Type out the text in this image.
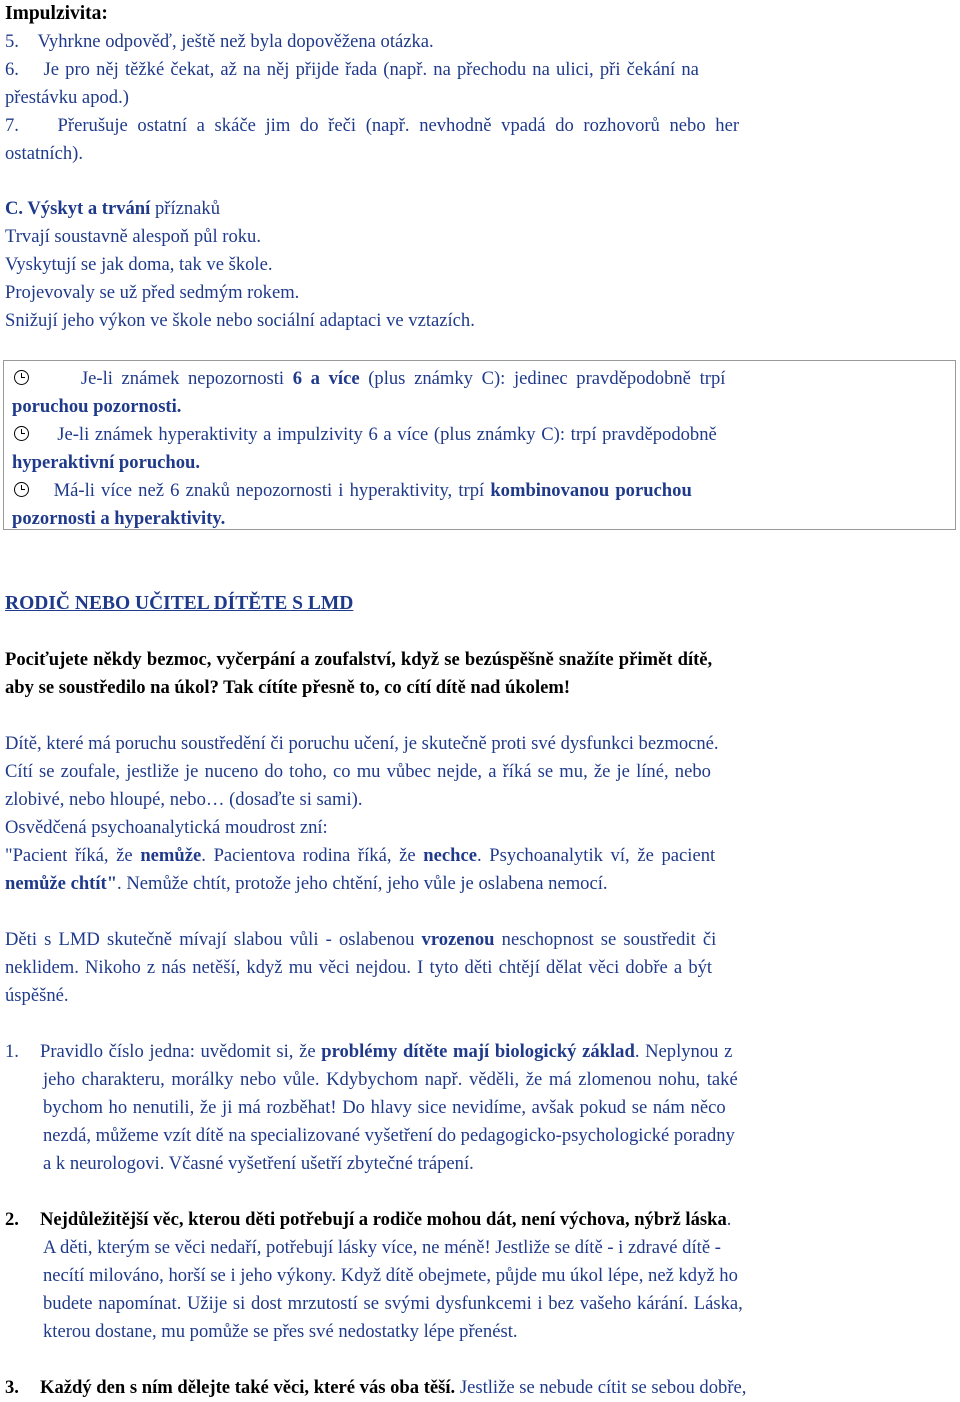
Impulzivita:
5. Vyhrkne odpověď, ještě než byla dopověžena otázka.
6. Je pro něj těžké čekat, až na něj přijde řada (např. na přechodu na ulici, při čekání na
přestávku apod.)
7. Přerušuje ostatní a skáče jim do řeči (např. nevhodně vpadá do rozhovorů nebo her
ostatních).
C. Výskyt a trvání příznaků
Trvají soustavně alespoň půl roku.
Vyskytují se jak doma, tak ve škole.
Projevovaly se už před sedmým rokem.
Snižují jeho výkon ve škole nebo sociální adaptaci ve vztazích.
Je-li známek nepozornosti 6 a více (plus známky C): jedinec pravděpodobně trpí
poruchou pozornosti.
Je-li známek hyperaktivity a impulzivity 6 a více (plus známky C): trpí pravděpodobně
hyperaktivní poruchou.
Má-li více než 6 znaků nepozornosti i hyperaktivity, trpí kombinovanou poruchou
pozornosti a hyperaktivity.
RODIČ NEBO UČITEL DÍTĚTE S LMD
Pociťujete někdy bezmoc, vyčerpání a zoufalství, když se bezúspěšně snažíte přimět dítě,
aby se soustředilo na úkol? Tak cítíte přesně to, co cítí dítě nad úkolem!
Dítě, které má poruchu soustředění či poruchu učení, je skutečně proti své dysfunkci bezmocné.
Cítí se zoufale, jestliže je nuceno do toho, co mu vůbec nejde, a říká se mu, že je líné, nebo
zlobivé, nebo hloupé, nebo… (dosaďte si sami).
Osvědčená psychoanalytická moudrost zní:
"Pacient říká, že nemůže. Pacientova rodina říká, že nechce. Psychoanalytik ví, že pacient
nemůže chtít". Nemůže chtít, protože jeho chtění, jeho vůle je oslabena nemocí.
Děti s LMD skutečně mívají slabou vůli - oslabenou vrozenou neschopnost se soustředit či
neklidem. Nikoho z nás netěší, když mu věci nejdou. I tyto děti chtějí dělat věci dobře a být
úspěšné.
1. Pravidlo číslo jedna: uvědomit si, že problémy dítěte mají biologický základ. Neplynou z
jeho charakteru, morálky nebo vůle. Kdybychom např. věděli, že má zlomenou nohu, také
bychom ho nenutili, že ji má rozběhat! Do hlavy sice nevidíme, avšak pokud se nám něco
nezdá, můžeme vzít dítě na specializované vyšetření do pedagogicko-psychologické poradny
a k neurologovi. Včasné vyšetření ušetří zbytečné trápení.
2. Nejdůležitější věc, kterou děti potřebují a rodiče mohou dát, není výchova, nýbrž láska.
A děti, kterým se věci nedaří, potřebují lásky více, ne méně! Jestliže se dítě - i zdravé dítě -
necítí milováno, horší se i jeho výkony. Když dítě obejmete, půjde mu úkol lépe, než když ho
budete napomínat. Užije si dost mrzutostí se svými dysfunkcemi i bez vašeho kárání. Láska,
kterou dostane, mu pomůže se přes své nedostatky lépe přenést.
3. Každý den s ním dělejte také věci, které vás oba těší. Jestliže se nebude cítit se sebou dobře,
